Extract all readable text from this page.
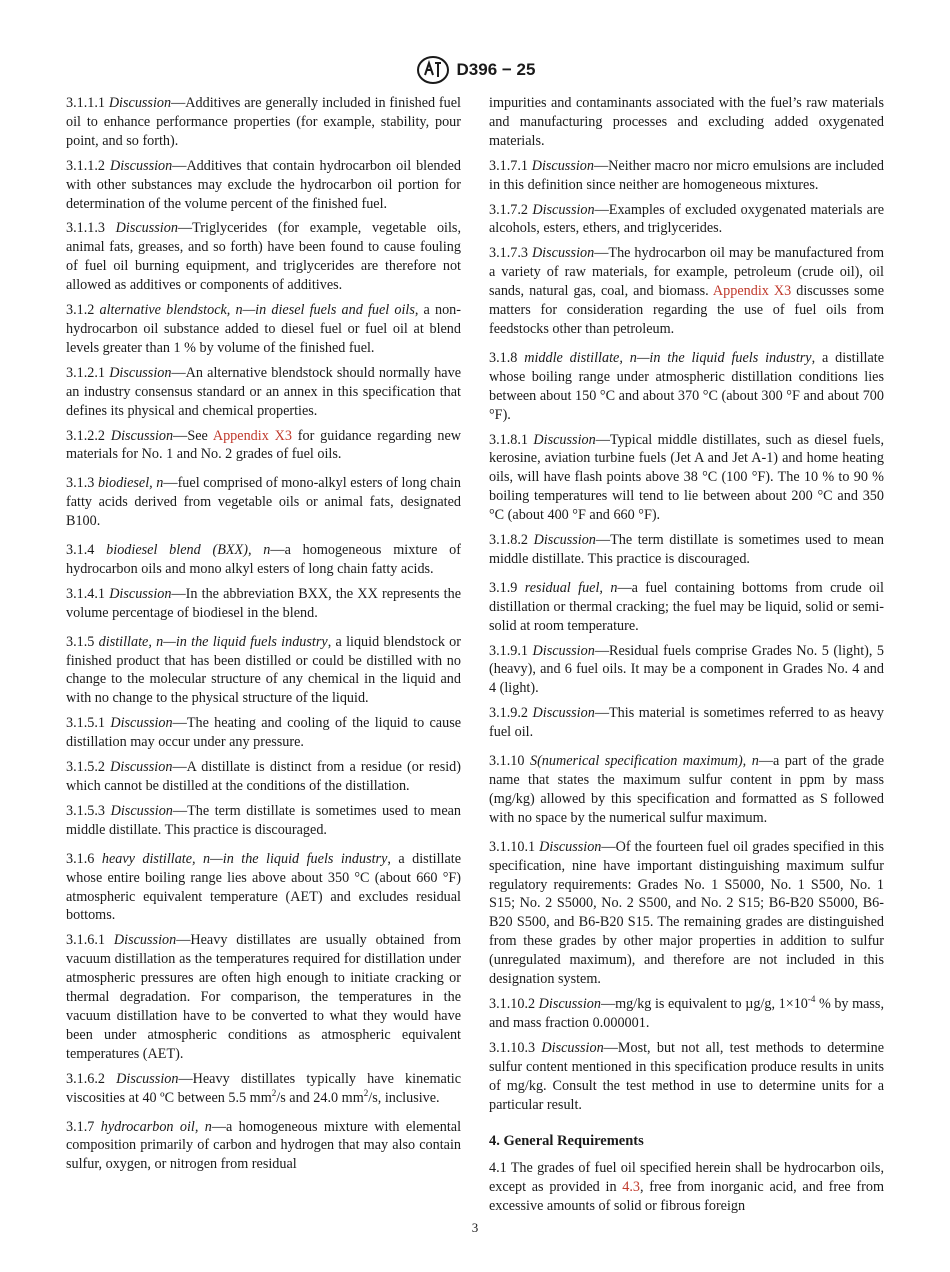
D396 − 25

3.1.1.1 Discussion—Additives are generally included in finished fuel oil to enhance performance properties (for example, stability, pour point, and so forth).

3.1.1.2 Discussion—Additives that contain hydrocarbon oil blended with other substances may exclude the hydrocarbon oil portion for determination of the volume percent of the finished fuel.

3.1.1.3 Discussion—Triglycerides (for example, vegetable oils, animal fats, greases, and so forth) have been found to cause fouling of fuel oil burning equipment, and triglycerides are therefore not allowed as additives or components of additives.

3.1.2 alternative blendstock, n—in diesel fuels and fuel oils, a non-hydrocarbon oil substance added to diesel fuel or fuel oil at blend levels greater than 1 % by volume of the finished fuel.

3.1.2.1 Discussion—An alternative blendstock should normally have an industry consensus standard or an annex in this specification that defines its physical and chemical properties.

3.1.2.2 Discussion—See Appendix X3 for guidance regarding new materials for No. 1 and No. 2 grades of fuel oils.

3.1.3 biodiesel, n—fuel comprised of mono-alkyl esters of long chain fatty acids derived from vegetable oils or animal fats, designated B100.

3.1.4 biodiesel blend (BXX), n—a homogeneous mixture of hydrocarbon oils and mono alkyl esters of long chain fatty acids.

3.1.4.1 Discussion—In the abbreviation BXX, the XX represents the volume percentage of biodiesel in the blend.

3.1.5 distillate, n—in the liquid fuels industry, a liquid blendstock or finished product that has been distilled or could be distilled with no change to the molecular structure of any chemical in the liquid and with no change to the physical structure of the liquid.

3.1.5.1 Discussion—The heating and cooling of the liquid to cause distillation may occur under any pressure.

3.1.5.2 Discussion—A distillate is distinct from a residue (or resid) which cannot be distilled at the conditions of the distillation.

3.1.5.3 Discussion—The term distillate is sometimes used to mean middle distillate. This practice is discouraged.

3.1.6 heavy distillate, n—in the liquid fuels industry, a distillate whose entire boiling range lies above about 350 °C (about 660 °F) atmospheric equivalent temperature (AET) and excludes residual bottoms.

3.1.6.1 Discussion—Heavy distillates are usually obtained from vacuum distillation as the temperatures required for distillation under atmospheric pressures are often high enough to initiate cracking or thermal degradation. For comparison, the temperatures in the vacuum distillation have to be converted to what they would have been under atmospheric conditions as atmospheric equivalent temperatures (AET).

3.1.6.2 Discussion—Heavy distillates typically have kinematic viscosities at 40 ºC between 5.5 $mm^2/s$ and 24.0 $mm^2/s$, inclusive.

3.1.7 hydrocarbon oil, n—a homogeneous mixture with elemental composition primarily of carbon and hydrogen that may also contain sulfur, oxygen, or nitrogen from residual

impurities and contaminants associated with the fuel’s raw materials and manufacturing processes and excluding added oxygenated materials.

3.1.7.1 Discussion—Neither macro nor micro emulsions are included in this definition since neither are homogeneous mixtures.

3.1.7.2 Discussion—Examples of excluded oxygenated materials are alcohols, esters, ethers, and triglycerides.

3.1.7.3 Discussion—The hydrocarbon oil may be manufactured from a variety of raw materials, for example, petroleum (crude oil), oil sands, natural gas, coal, and biomass. Appendix X3 discusses some matters for consideration regarding the use of fuel oils from feedstocks other than petroleum.

3.1.8 middle distillate, n—in the liquid fuels industry, a distillate whose boiling range under atmospheric distillation conditions lies between about 150 °C and about 370 °C (about 300 °F and about 700 °F).

3.1.8.1 Discussion—Typical middle distillates, such as diesel fuels, kerosine, aviation turbine fuels (Jet A and Jet A-1) and home heating oils, will have flash points above 38 °C (100 °F). The 10 % to 90 % boiling temperatures will tend to lie between about 200 °C and 350 °C (about 400 °F and 660 °F).

3.1.8.2 Discussion—The term distillate is sometimes used to mean middle distillate. This practice is discouraged.

3.1.9 residual fuel, n—a fuel containing bottoms from crude oil distillation or thermal cracking; the fuel may be liquid, solid or semi-solid at room temperature.

3.1.9.1 Discussion—Residual fuels comprise Grades No. 5 (light), 5 (heavy), and 6 fuel oils. It may be a component in Grades No. 4 and 4 (light).

3.1.9.2 Discussion—This material is sometimes referred to as heavy fuel oil.

3.1.10 S(numerical specification maximum), n—a part of the grade name that states the maximum sulfur content in ppm by mass (mg/kg) allowed by this specification and formatted as S followed with no space by the numerical sulfur maximum.

3.1.10.1 Discussion—Of the fourteen fuel oil grades specified in this specification, nine have important distinguishing maximum sulfur regulatory requirements: Grades No. 1 S5000, No. 1 S500, No. 1 S15; No. 2 S5000, No. 2 S500, and No. 2 S15; B6-B20 S5000, B6-B20 S500, and B6-B20 S15. The remaining grades are distinguished from these grades by other major properties in addition to sulfur (unregulated maximum), and therefore are not included in this designation system.

3.1.10.2 Discussion—mg/kg is equivalent to µg/g, $1\times 10^{-4}$ % by mass, and mass fraction 0.000001.

3.1.10.3 Discussion—Most, but not all, test methods to determine sulfur content mentioned in this specification produce results in units of mg/kg. Consult the test method in use to determine units for a particular result.

4. General Requirements

4.1 The grades of fuel oil specified herein shall be hydrocarbon oils, except as provided in 4.3, free from inorganic acid, and free from excessive amounts of solid or fibrous foreign

3
